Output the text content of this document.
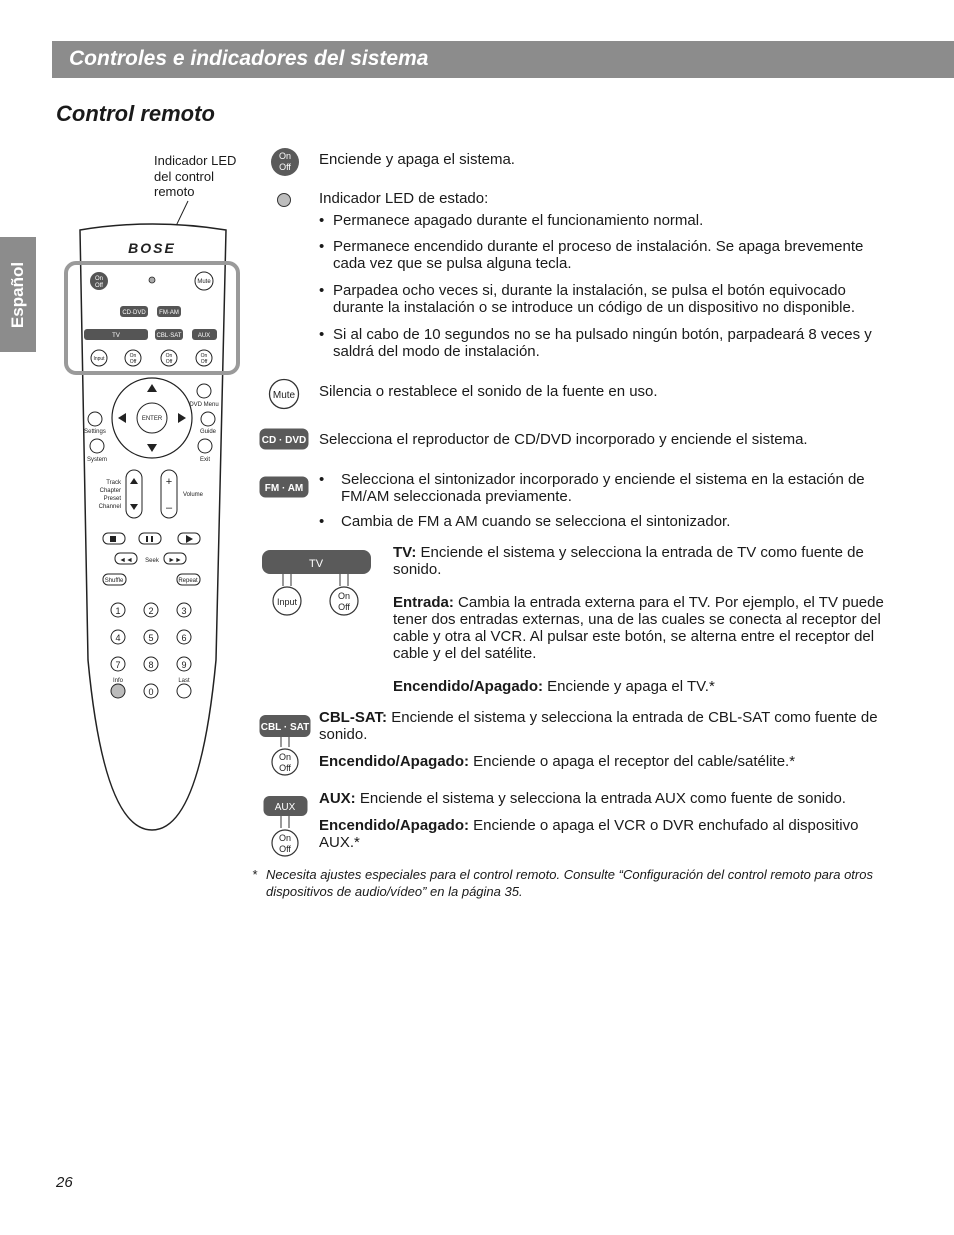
Controles e indicadores del sistema
Español
Control remoto
Indicador LED
del control
remoto
BOSE
On
Off
Mute
CD·DVD FM·AM
TV	CBL·SAT	AUX
Input	On
Off
On
Off
On
Off
ENTER
DVD Menu
Settings	Guide
System	Exit
Track
Chapter
Preset
Channel
+
–
Volume
◄◄ Seek ►►
Shuffle	Repeat
1	2	3
4	5	6
7	8	9
Info
0
Last
On
Off
Mute
CD · DVD
FM · AM
TV
Input
On
Off
CBL · SAT
On
Off
AUX
On
Off
Enciende y apaga el sistema.
Indicador LED de estado:
• Permanece apagado durante el funcionamiento normal.
• Permanece encendido durante el proceso de instalación. Se apaga brevemente cada vez que se pulsa alguna tecla.
• Parpadea ocho veces si, durante la instalación, se pulsa el botón equivocado durante la instalación o se introduce un código de un dispositivo no disponible.
• Si al cabo de 10 segundos no se ha pulsado ningún botón, parpadeará 8 veces y saldrá del modo de instalación.
Silencia o restablece el sonido de la fuente en uso.
Selecciona el reproductor de CD/DVD incorporado y enciende el sistema.
• Selecciona el sintonizador incorporado y enciende el sistema en la estación de FM/AM seleccionada previamente.
• Cambia de FM a AM cuando se selecciona el sintonizador.
TV: Enciende el sistema y selecciona la entrada de TV como fuente de sonido.
Entrada: Cambia la entrada externa para el TV. Por ejemplo, el TV puede tener dos entradas externas, una de las cuales se conecta al receptor del cable y otra al VCR. Al pulsar este botón, se alterna entre el receptor del cable y el del satélite.
Encendido/Apagado: Enciende y apaga el TV.*
CBL-SAT: Enciende el sistema y selecciona la entrada de CBL-SAT como fuente de sonido.
Encendido/Apagado: Enciende o apaga el receptor del cable/satélite.*
AUX: Enciende el sistema y selecciona la entrada AUX como fuente de sonido.
Encendido/Apagado: Enciende o apaga el VCR o DVR enchufado al dispositivo AUX.*
* Necesita ajustes especiales para el control remoto. Consulte “Configuración del control remoto para otros dispositivos de audio/vídeo” en la página 35.
26
